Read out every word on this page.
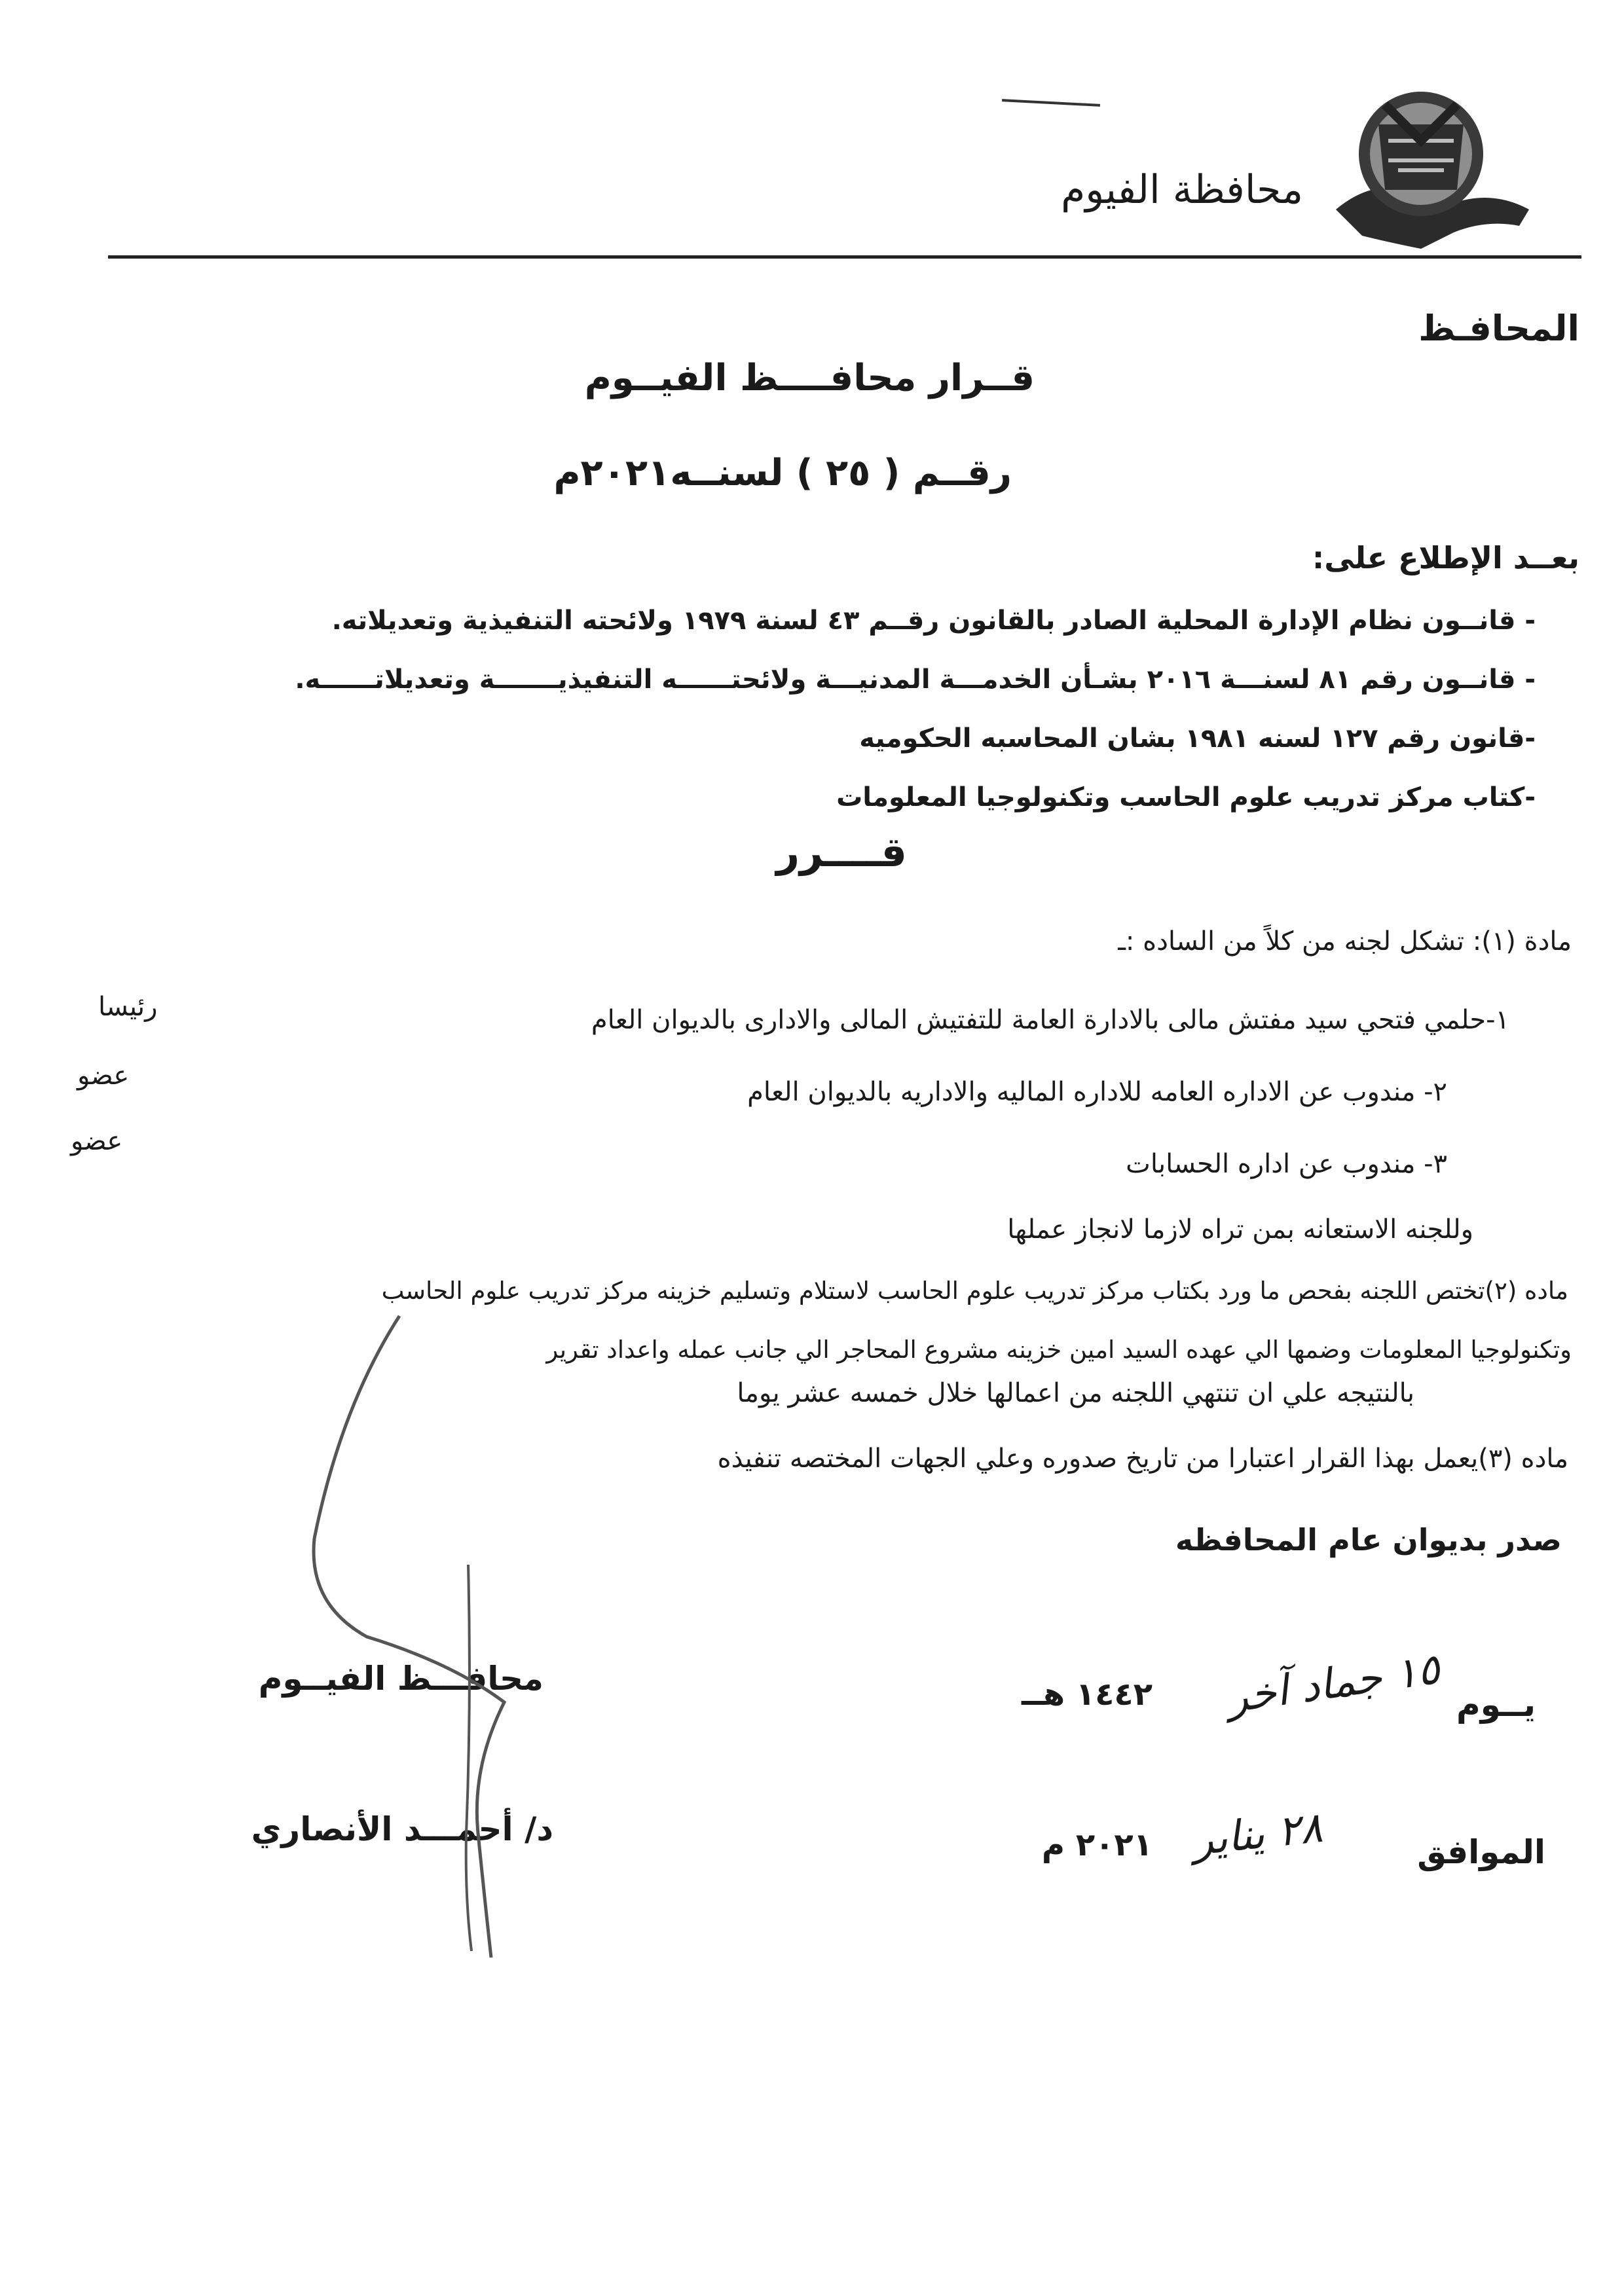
محافظة الفيوم
المحافـظ
قــرار محافــــظ الفيــوم
رقــم ( ٢٥ ) لسنــه٢٠٢١م
بعــد الإطلاع على:
- قانــون نظام الإدارة المحلية الصادر بالقانون رقــم ٤٣ لسنة ١٩٧٩ ولائحته التنفيذية وتعديلاته.
- قانــون رقم ٨١ لسنـــة ٢٠١٦ بشـأن الخدمـــة المدنيـــة ولائحتــــــه التنفيذيـــــــة وتعديلاتــــــه.
-قانون رقم ١٢٧ لسنه ١٩٨١ بشان المحاسبه الحكوميه
-كتاب مركز تدريب علوم الحاسب وتكنولوجيا المعلومات
قــــرر
مادة (١): تشكل لجنه من كلاً من الساده :ـ
١-حلمي فتحي سيد مفتش مالى بالادارة العامة للتفتيش المالى والادارى بالديوان العام
رئيسا
٢- مندوب عن الاداره العامه للاداره الماليه والاداريه بالديوان العام
عضو
٣- مندوب عن اداره الحسابات
عضو
وللجنه الاستعانه بمن تراه لازما لانجاز عملها
ماده (٢)تختص اللجنه بفحص ما ورد بكتاب مركز تدريب علوم الحاسب لاستلام وتسليم خزينه مركز تدريب علوم الحاسب
وتكنولوجيا المعلومات وضمها الي عهده السيد امين خزينه مشروع المحاجر الي جانب عمله واعداد تقرير
بالنتيجه علي ان تنتهي اللجنه من اعمالها خلال خمسه عشر يوما
ماده (٣)يعمل بهذا القرار اعتبارا من تاريخ صدوره وعلي الجهات المختصه تنفيذه
صدر بديوان عام المحافظه
يــوم
١٥ جماد آخر
١٤٤٢ هــ
الموافق
٢٨ يناير
٢٠٢١ م
محافـــظ الفيــوم
د/ أحمـــد الأنصاري
